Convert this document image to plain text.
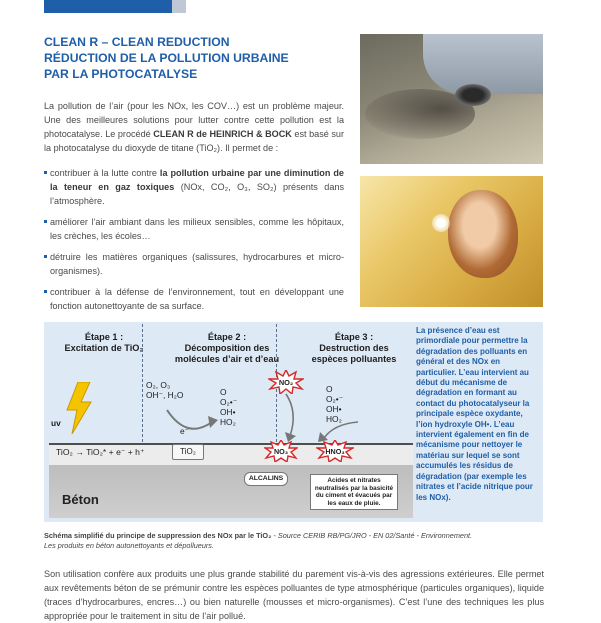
CLEAN R – CLEAN REDUCTION
RÉDUCTION DE LA POLLUTION URBAINE
PAR LA PHOTOCATALYSE
La pollution de l’air (pour les NOx, les COV…) est un problème majeur. Une des meilleures solutions pour lutter contre cette pollution est la photocatalyse. Le procédé CLEAN R de HEINRICH & BOCK est basé sur la photocatalyse du dioxyde de titane (TiO₂). Il permet de :
contribuer à la lutte contre la pollution urbaine par une diminution de la teneur en gaz toxiques (NOx, CO₂, O₃, SO₂) présents dans l’atmosphère.
améliorer l’air ambiant dans les milieux sensibles, comme les hôpitaux, les crèches, les écoles…
détruire les matières organiques (salissures, hydrocarbures et micro-organismes).
contribuer à la défense de l’environnement, tout en développant une fonction autonettoyante de sa surface.
Étape 1 :
Excitation de TiO₂
Étape 2 :
Décomposition des
molécules d’air et d’eau
Étape 3 :
Destruction des
espèces polluantes
uv
O₂, O₃
OH⁻, H₂O	O
O₂•⁻
OH•
HO₂
e⁻
O
O₂•⁻
OH•
HO₂
NO₂
TiO₂ → TiO₂* + e⁻ + h⁺	TiO₂	NO₃	HNO₃
Béton
ALCALINS	Acides et nitrates neutralisés par la basicité du ciment et évacués par les eaux de pluie.
La présence d’eau est primordiale pour permettre la dégradation des polluants en général et des NOx en particulier. L’eau intervient au début du mécanisme de dégradation en formant au contact du photocatalyseur la principale espèce oxydante, l’ion hydroxyle OH•. L’eau intervient également en fin de mécanisme pour nettoyer le matériau sur lequel se sont accumulés les résidus de dégradation (par exemple les nitrates et l’acide nitrique pour les NOx).
Schéma simplifié du principe de suppression des NOx par le TiO₂ - Source CERIB RB/PG/JRO - EN 02/Santé - Environnement.
Les produits en béton autonettoyants et dépollueurs.
Son utilisation confère aux produits une plus grande stabilité du parement vis-à-vis des agressions extérieures. Elle permet aux revêtements béton de se prémunir contre les espèces polluantes de type atmosphérique (particules organiques), liquide (traces d’hydrocarbures, encres…) ou bien naturelle (mousses et micro-organismes). C’est l’une des techniques les plus appropriée pour le traitement in situ de l’air pollué.
